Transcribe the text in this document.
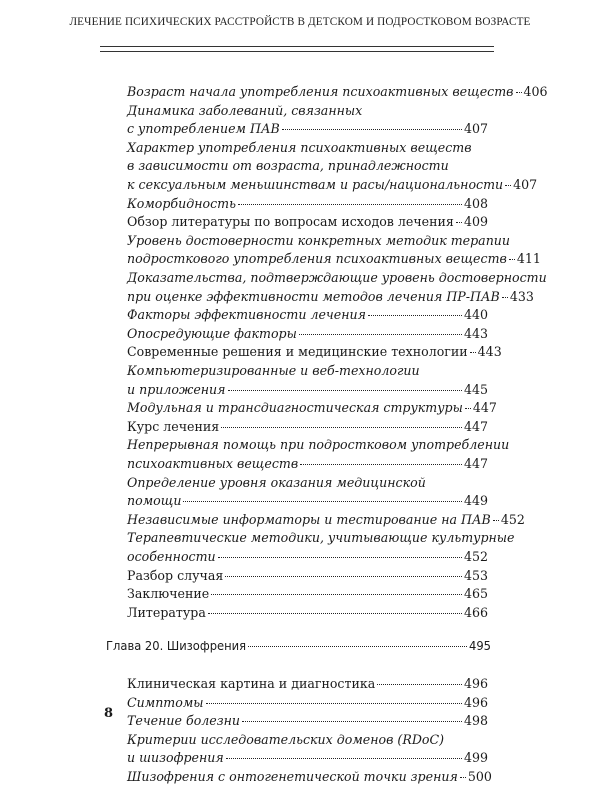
ЛЕЧЕНИЕ ПСИХИЧЕСКИХ РАССТРОЙСТВ В ДЕТСКОМ И ПОДРОСТКОВОМ ВОЗРАСТЕ
Возраст начала употребления психоактивных веществ 406
Динамика заболеваний, связанных
с употреблением ПАВ	407
Характер употребления психоактивных веществ
в зависимости от возраста, принадлежности
к сексуальным меньшинствам и расы/национальности 407
Коморбидность	408
Обзор литературы по вопросам исходов лечения 409
Уровень достоверности конкретных методик терапии
подросткового употребления психоактивных веществ 411
Доказательства, подтверждающие уровень достоверности
при оценке эффективности методов лечения ПР-ПАВ 433
Факторы эффективности лечения	440
Опосредующие факторы	443
Современные решения и медицинские технологии 443
Компьютеризированные и веб-технологии
и приложения	445
Модульная и трансдиагностическая структуры 447
Курс лечения	447
Непрерывная помощь при подростковом употреблении
психоактивных веществ	447
Определение уровня оказания медицинской
помощи	449
Независимые информаторы и тестирование на ПАВ 452
Терапевтические методики, учитывающие культурные
особенности	452
Разбор случая	453
Заключение	465
Литература	466
Глава 20. Шизофрения	495
Клиническая картина и диагностика	496
Симптомы	496
Течение болезни	498
Критерии исследовательских доменов (RDoC)
и шизофрения	499
Шизофрения с онтогенетической точки зрения 500
8
